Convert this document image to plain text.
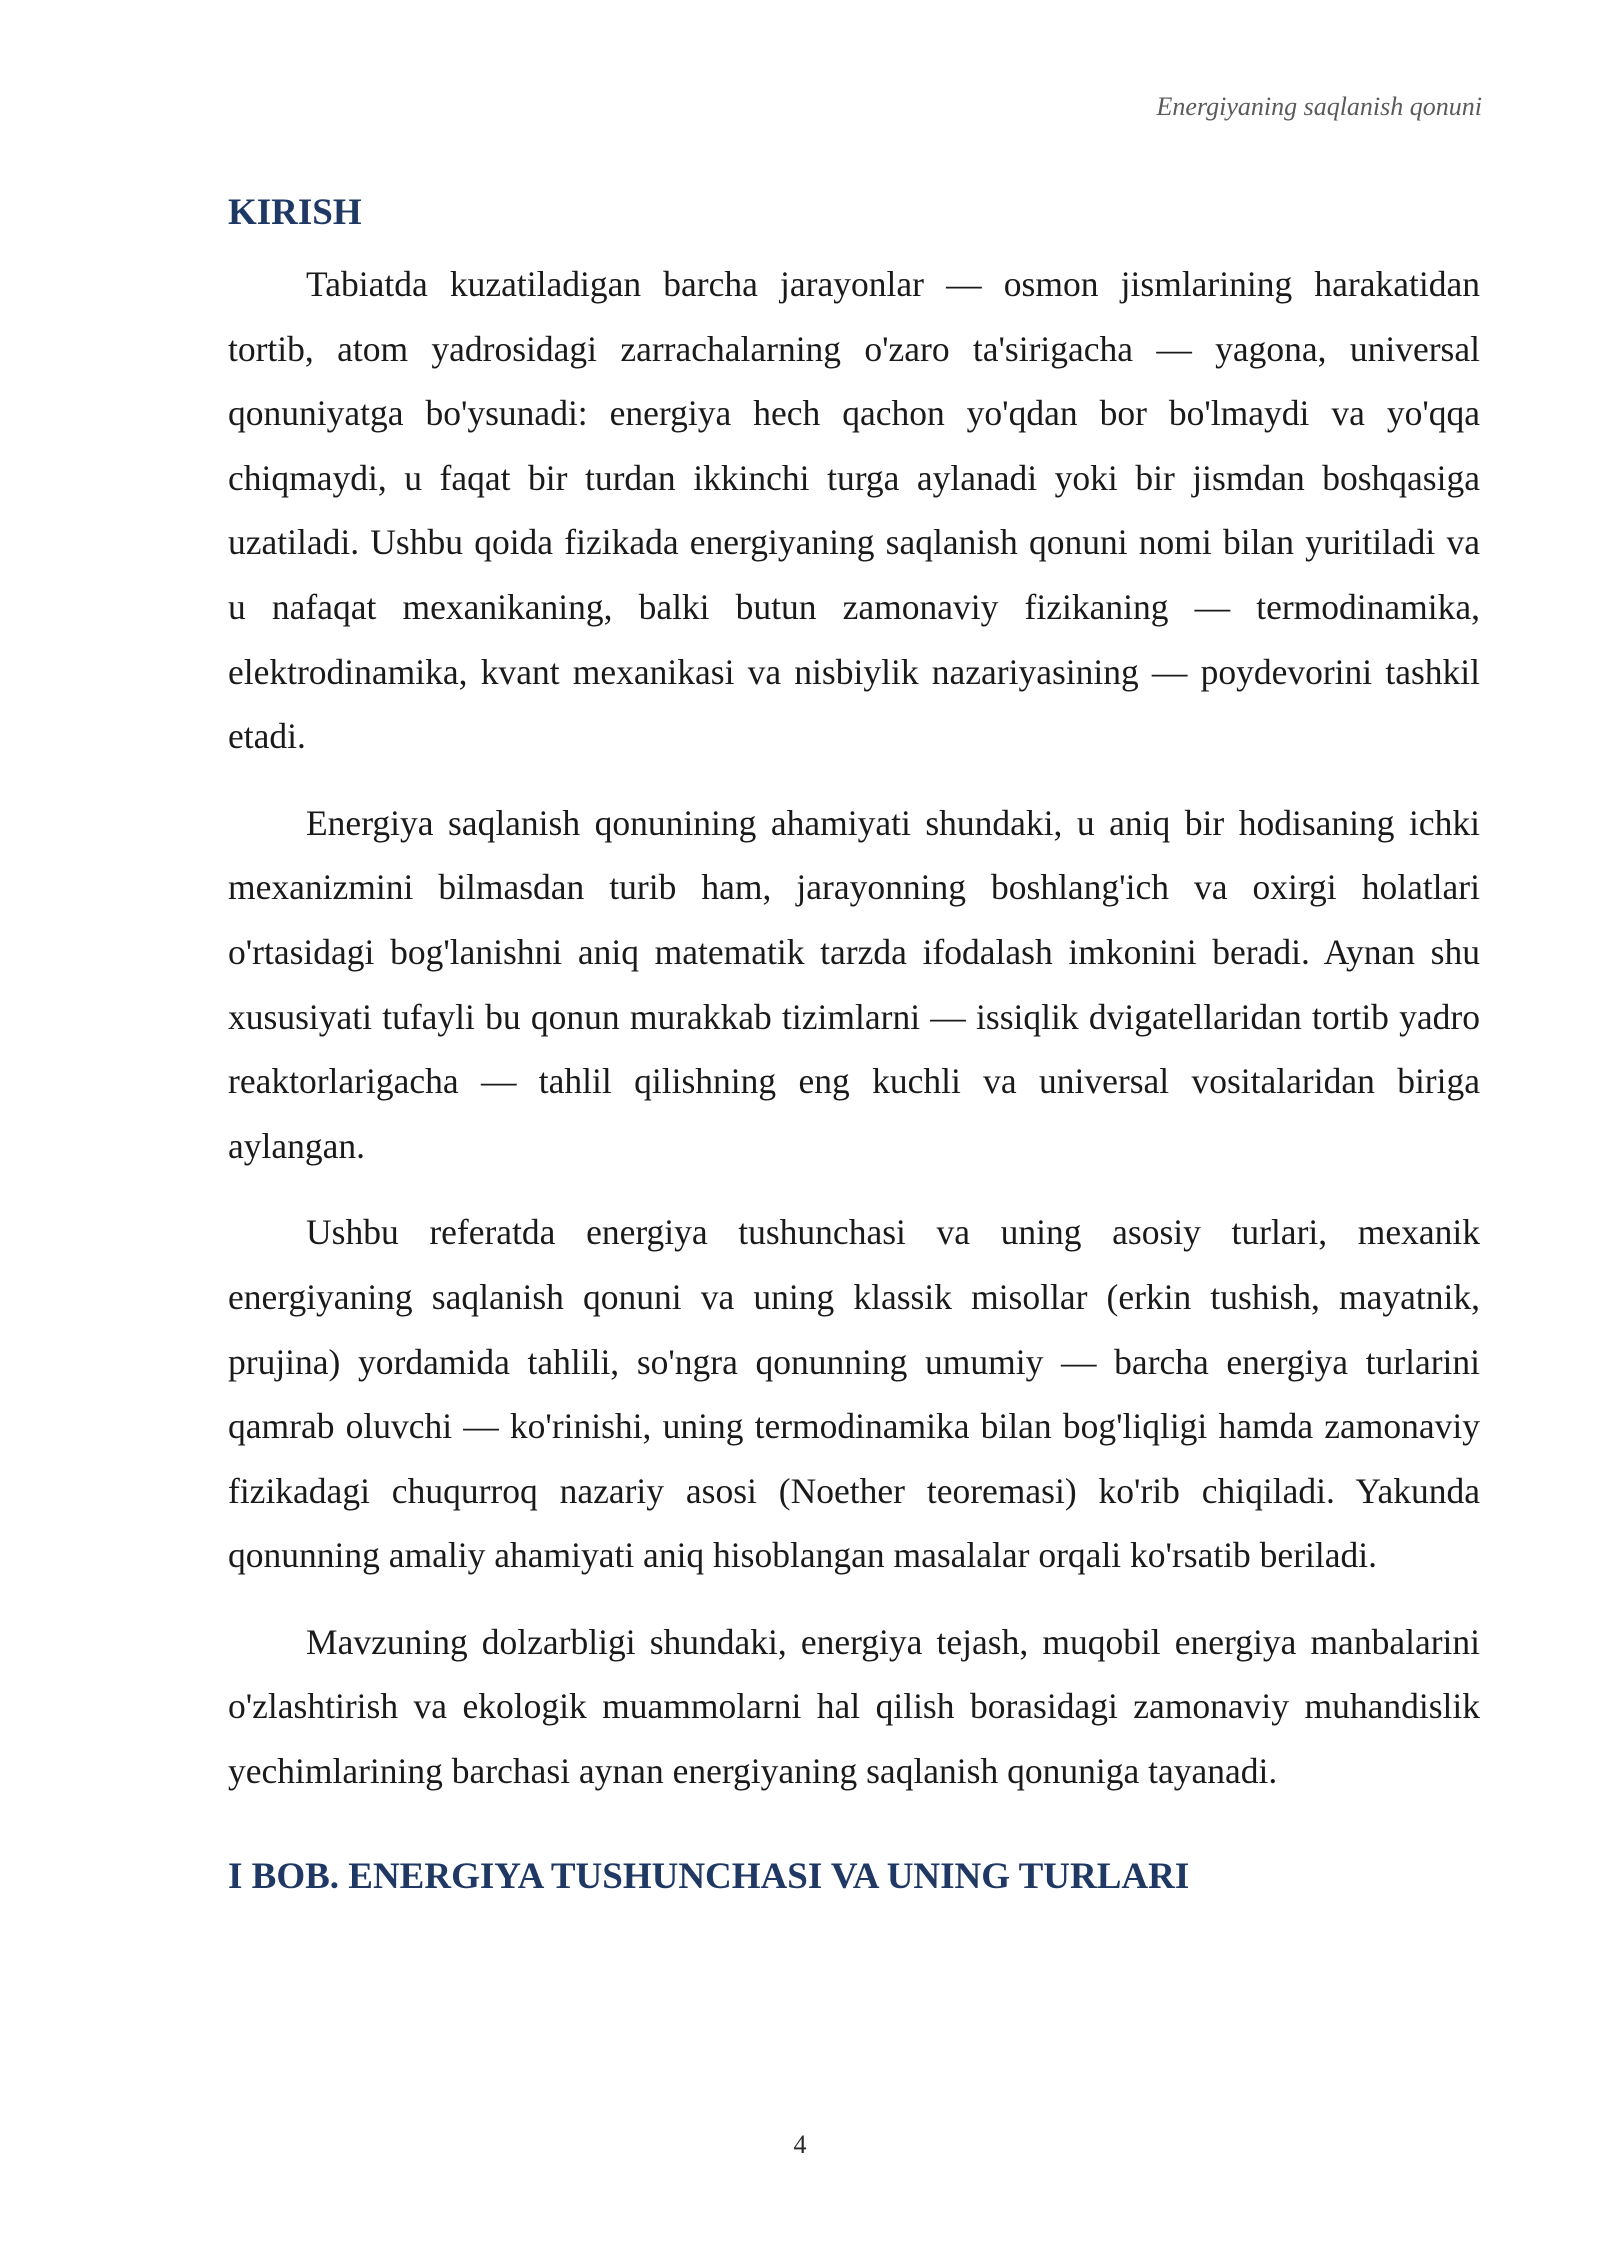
Energiyaning saqlanish qonuni
KIRISH

Tabiatda kuzatiladigan barcha jarayonlar — osmon jismlarining harakatidan tortib, atom yadrosidagi zarrachalarning o'zaro ta'sirigacha — yagona, universal qonuniyatga bo'ysunadi: energiya hech qachon yo'qdan bor bo'lmaydi va yo'qqa chiqmaydi, u faqat bir turdan ikkinchi turga aylanadi yoki bir jismdan boshqasiga uzatiladi. Ushbu qoida fizikada energiyaning saqlanish qonuni nomi bilan yuritiladi va u nafaqat mexanikaning, balki butun zamonaviy fizikaning — termodinamika, elektrodinamika, kvant mexanikasi va nisbiylik nazariyasining — poydevorini tashkil etadi.

Energiya saqlanish qonunining ahamiyati shundaki, u aniq bir hodisaning ichki mexanizmini bilmasdan turib ham, jarayonning boshlang'ich va oxirgi holatlari o'rtasidagi bog'lanishni aniq matematik tarzda ifodalash imkonini beradi. Aynan shu xususiyati tufayli bu qonun murakkab tizimlarni — issiqlik dvigatellaridan tortib yadro reaktorlarigacha — tahlil qilishning eng kuchli va universal vositalaridan biriga aylangan.

Ushbu referatda energiya tushunchasi va uning asosiy turlari, mexanik energiyaning saqlanish qonuni va uning klassik misollar (erkin tushish, mayatnik, prujina) yordamida tahlili, so'ngra qonunning umumiy — barcha energiya turlarini qamrab oluvchi — ko'rinishi, uning termodinamika bilan bog'liqligi hamda zamonaviy fizikadagi chuqurroq nazariy asosi (Noether teoremasi) ko'rib chiqiladi. Yakunda qonunning amaliy ahamiyati aniq hisoblangan masalalar orqali ko'rsatib beriladi.

Mavzuning dolzarbligi shundaki, energiya tejash, muqobil energiya manbalarini o'zlashtirish va ekologik muammolarni hal qilish borasidagi zamonaviy muhandislik yechimlarining barchasi aynan energiyaning saqlanish qonuniga tayanadi.

I BOB. ENERGIYA TUSHUNCHASI VA UNING TURLARI
4
